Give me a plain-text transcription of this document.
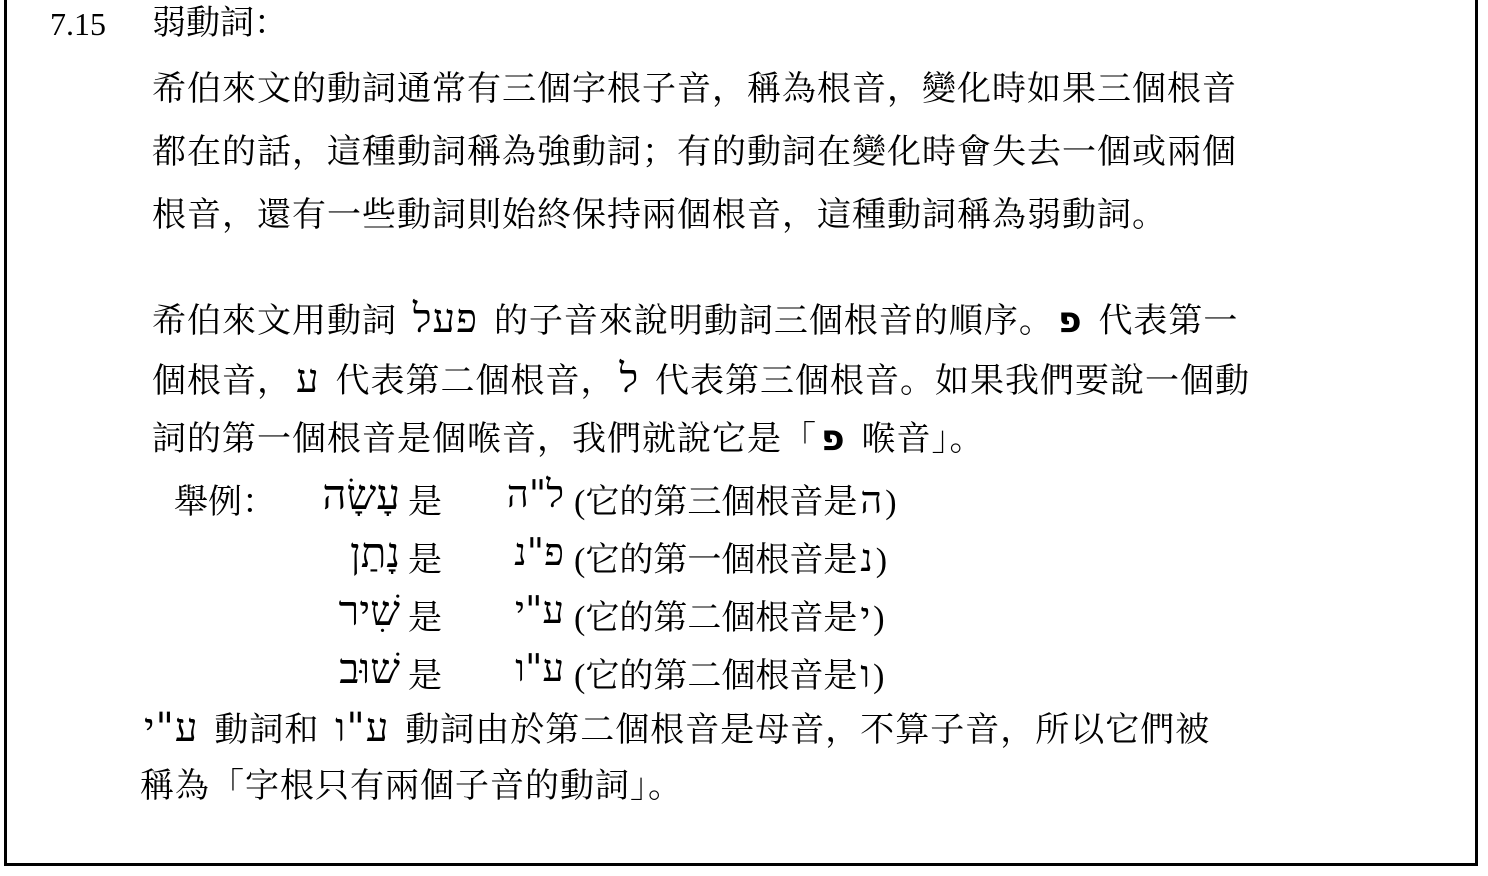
7.15 弱動詞：
希伯來文的動詞通常有三個字根子音，稱為根音，變化時如果三個根音
都在的話，這種動詞稱為強動詞；有的動詞在變化時會失去一個或兩個
根音，還有一些動詞則始終保持兩個根音，這種動詞稱為弱動詞。
希伯來文用動詞 פעל 的子音來說明動詞三個根音的順序。 פ 代表第一
個根音， ע 代表第二個根音， ל 代表第三個根音。如果我們要說一個動
詞的第一個根音是個喉音，我們就說它是「 פ 喉音」。
舉例： עָשָׂה 是	ל"ה (它的第三個根音是ה)
נָתַן 是	פ"נ (它的第一個根音是נ)
שִׁיר 是	ע"י (它的第二個根音是י)
שׁוּב 是	ע"ו (它的第二個根音是ו)
ע"י 動詞和 ע"ו 動詞由於第二個根音是母音，不算子音，所以它們被
稱為「字根只有兩個子音的動詞」。
